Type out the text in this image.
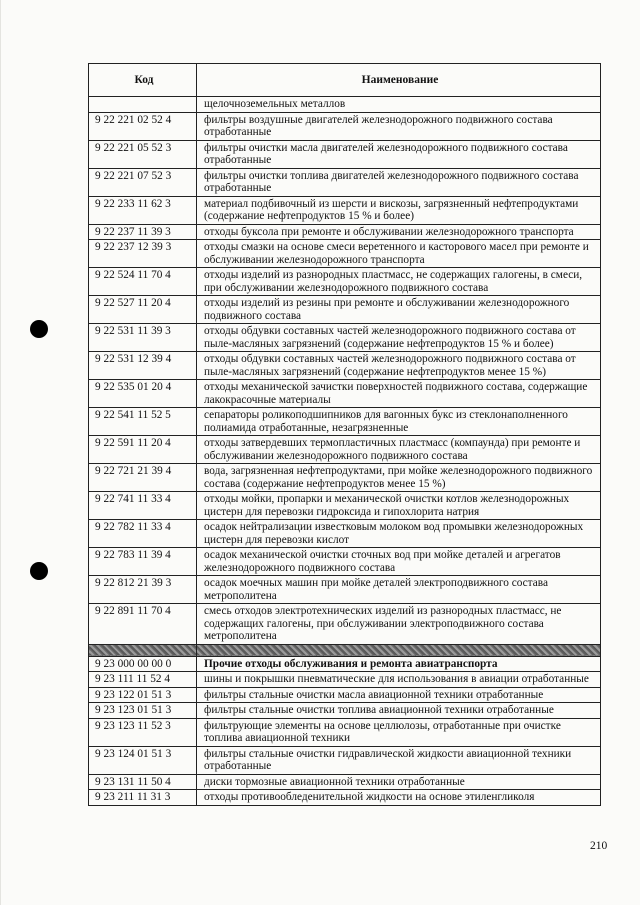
Код	Наименование
	щелочноземельных металлов
9 22 221 02 52 4	фильтры воздушные двигателей железнодорожного подвижного состава отработанные
9 22 221 05 52 3	фильтры очистки масла двигателей железнодорожного подвижного состава отработанные
9 22 221 07 52 3	фильтры очистки топлива двигателей железнодорожного подвижного состава отработанные
9 22 233 11 62 3	материал подбивочный из шерсти и вискозы, загрязненный нефтепродуктами (содержание нефтепродуктов 15 % и более)
9 22 237 11 39 3	отходы буксола при ремонте и обслуживании железнодорожного транспорта
9 22 237 12 39 3	отходы смазки на основе смеси веретенного и касторового масел при ремонте и обслуживании железнодорожного транспорта
9 22 524 11 70 4	отходы изделий из разнородных пластмасс, не содержащих галогены, в смеси, при обслуживании железнодорожного подвижного состава
9 22 527 11 20 4	отходы изделий из резины при ремонте и обслуживании железнодорожного подвижного состава
9 22 531 11 39 3	отходы обдувки составных частей железнодорожного подвижного состава от пыле-масляных загрязнений (содержание нефтепродуктов 15 % и более)
9 22 531 12 39 4	отходы обдувки составных частей железнодорожного подвижного состава от пыле-масляных загрязнений (содержание нефтепродуктов менее 15 %)
9 22 535 01 20 4	отходы механической зачистки поверхностей подвижного состава, содержащие лакокрасочные материалы
9 22 541 11 52 5	сепараторы роликоподшипников для вагонных букс из стеклонаполненного полиамида отработанные, незагрязненные
9 22 591 11 20 4	отходы затвердевших термопластичных пластмасс (компаунда) при ремонте и обслуживании железнодорожного подвижного состава
9 22 721 21 39 4	вода, загрязненная нефтепродуктами, при мойке железнодорожного подвижного состава (содержание нефтепродуктов менее 15 %)
9 22 741 11 33 4	отходы мойки, пропарки и механической очистки котлов железнодорожных цистерн для перевозки гидроксида и гипохлорита натрия
9 22 782 11 33 4	осадок нейтрализации известковым молоком вод промывки железнодорожных цистерн для перевозки кислот
9 22 783 11 39 4	осадок механической очистки сточных вод при мойке деталей и агрегатов железнодорожного подвижного состава
9 22 812 21 39 3	осадок моечных машин при мойке деталей электроподвижного состава метрополитена
9 22 891 11 70 4	смесь отходов электротехнических изделий из разнородных пластмасс, не содержащих галогены, при обслуживании электроподвижного состава метрополитена

9 23 000 00 00 0	Прочие отходы обслуживания и ремонта авиатранспорта
9 23 111 11 52 4	шины и покрышки пневматические для использования в авиации отработанные
9 23 122 01 51 3	фильтры стальные очистки масла авиационной техники отработанные
9 23 123 01 51 3	фильтры стальные очистки топлива авиационной техники отработанные
9 23 123 11 52 3	фильтрующие элементы на основе целлюлозы, отработанные при очистке топлива авиационной техники
9 23 124 01 51 3	фильтры стальные очистки гидравлической жидкости авиационной техники отработанные
9 23 131 11 50 4	диски тормозные авиационной техники отработанные
9 23 211 11 31 3	отходы противообледенительной жидкости на основе этиленгликоля
210
